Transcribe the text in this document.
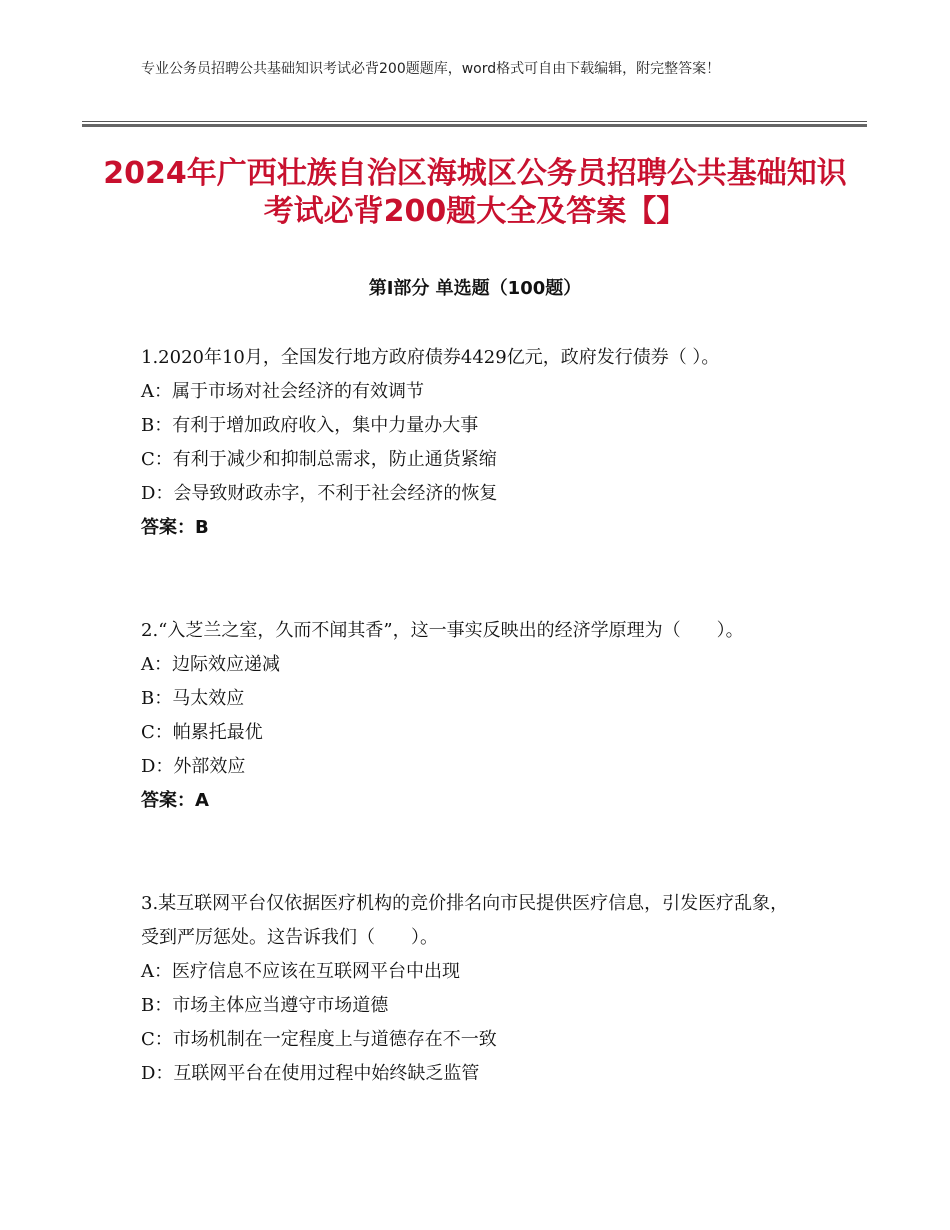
专业公务员招聘公共基础知识考试必背200题题库，word格式可自由下载编辑，附完整答案！
2024年广西壮族自治区海城区公务员招聘公共基础知识考试必背200题大全及答案【】
第Ⅰ部分 单选题（100题）

1.2020年10月，全国发行地方政府债券4429亿元，政府发行债券（ ）。

A：属于市场对社会经济的有效调节

B：有利于增加政府收入，集中力量办大事

C：有利于减少和抑制总需求，防止通货紧缩

D：会导致财政赤字，不利于社会经济的恢复

答案：B

2.“入芝兰之室，久而不闻其香”，这一事实反映出的经济学原理为（　　）。

A：边际效应递减

B：马太效应

C：帕累托最优

D：外部效应

答案：A

3.某互联网平台仅依据医疗机构的竞价排名向市民提供医疗信息，引发医疗乱象，受到严厉惩处。这告诉我们（　　）。

A：医疗信息不应该在互联网平台中出现

B：市场主体应当遵守市场道德

C：市场机制在一定程度上与道德存在不一致

D：互联网平台在使用过程中始终缺乏监管
